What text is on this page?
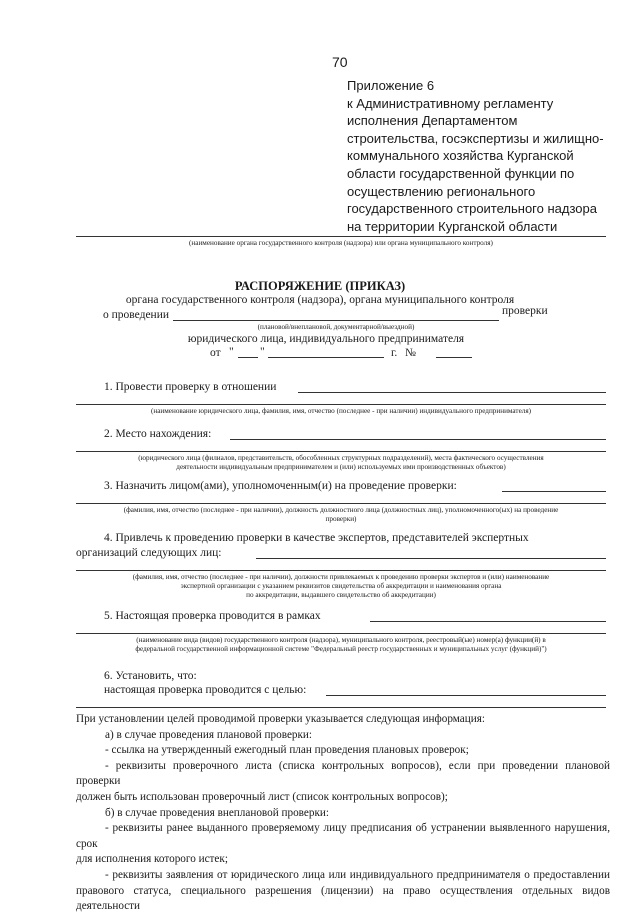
70
Приложение 6
к Административному регламенту
исполнения Департаментом
строительства, госэкспертизы и жилищно-
коммунального хозяйства Курганской
области государственной функции по
осуществлению регионального
государственного строительного надзора
на территории Курганской области
(наименование органа государственного контроля (надзора) или органа муниципального контроля)
РАСПОРЯЖЕНИЕ (ПРИКАЗ)
органа государственного контроля (надзора), органа муниципального контроля
о проведении	проверки
(плановой/внеплановой, документарной/выездной)
юридического лица, индивидуального предпринимателя
от " "	г. №
1. Провести проверку в отношении
(наименование юридического лица, фамилия, имя, отчество (последнее - при наличии) индивидуального предпринимателя)
2. Место нахождения:
(юридического лица (филиалов, представительств, обособленных структурных подразделений), места фактического осуществления
деятельности индивидуальным предпринимателем и (или) используемых ими производственных объектов)
3. Назначить лицом(ами), уполномоченным(и) на проведение проверки:
(фамилия, имя, отчество (последнее - при наличии), должность должностного лица (должностных лиц), уполномоченного(ых) на проведение
проверки)
4. Привлечь к проведению проверки в качестве экспертов, представителей экспертных
организаций следующих лиц:
(фамилия, имя, отчество (последнее - при наличии), должности привлекаемых к проведению проверки экспертов и (или) наименование
экспертной организации с указанием реквизитов свидетельства об аккредитации и наименования органа
по аккредитации, выдавшего свидетельство об аккредитации)
5. Настоящая проверка проводится в рамках
(наименование вида (видов) государственного контроля (надзора), муниципального контроля, реестровый(ые) номер(а) функции(й) в
федеральной государственной информационной системе "Федеральный реестр государственных и муниципальных услуг (функций)")
6. Установить, что:
настоящая проверка проводится с целью:

При установлении целей проводимой проверки указывается следующая информация:

а) в случае проведения плановой проверки:

- ссылка на утвержденный ежегодный план проведения плановых проверок;

- реквизиты проверочного листа (списка контрольных вопросов), если при проведении плановой проверки

должен быть использован проверочный лист (список контрольных вопросов);

б) в случае проведения внеплановой проверки:

- реквизиты ранее выданного проверяемому лицу предписания об устранении выявленного нарушения, срок

для исполнения которого истек;

- реквизиты заявления от юридического лица или индивидуального предпринимателя о предоставлении

правового статуса, специального разрешения (лицензии) на право осуществления отдельных видов деятельности
